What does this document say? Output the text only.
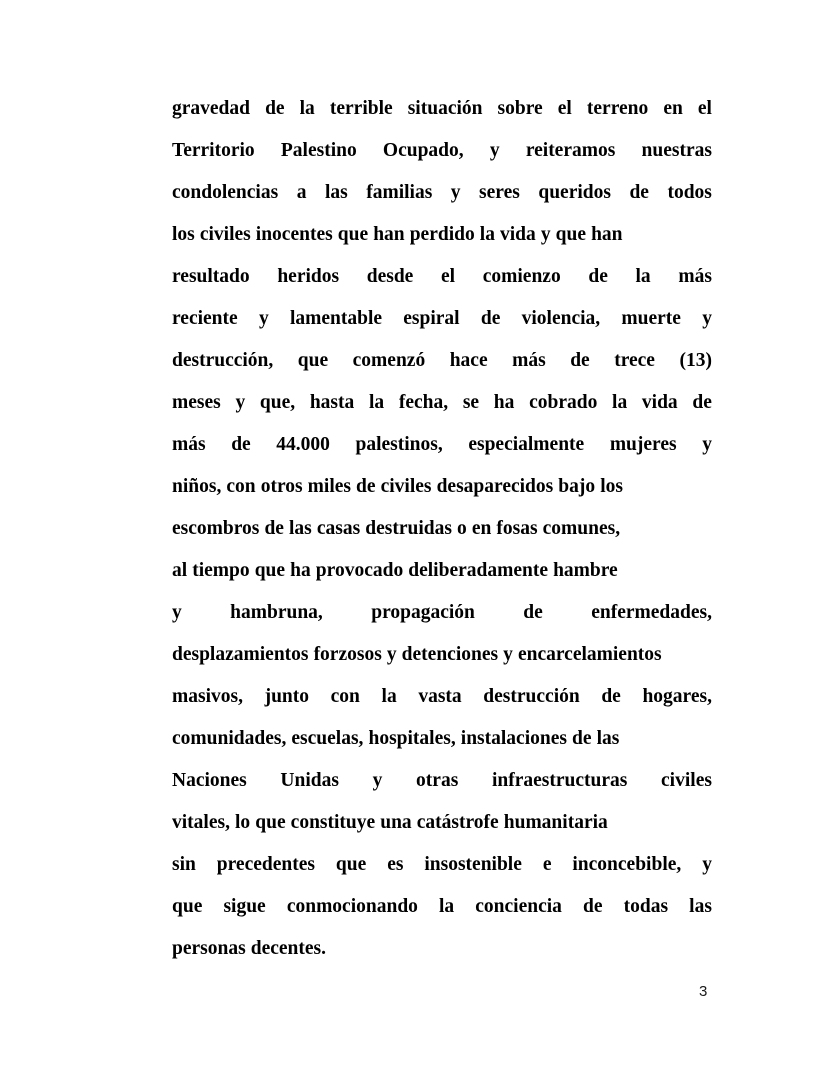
gravedad de la terrible situación sobre el terreno en el
Territorio Palestino Ocupado, y reiteramos nuestras
condolencias a las familias y seres queridos de todos
los civiles inocentes que han perdido la vida y que han
resultado heridos desde el comienzo de la más
reciente y lamentable espiral de violencia, muerte y
destrucción, que comenzó hace más de trece (13)
meses y que, hasta la fecha, se ha cobrado la vida de
más de 44.000 palestinos, especialmente mujeres y
niños, con otros miles de civiles desaparecidos bajo los
escombros de las casas destruidas o en fosas comunes,
al tiempo que ha provocado deliberadamente hambre
y hambruna, propagación de enfermedades,
desplazamientos forzosos y detenciones y encarcelamientos
masivos, junto con la vasta destrucción de hogares,
comunidades, escuelas, hospitales, instalaciones de las
Naciones Unidas y otras infraestructuras civiles
vitales, lo que constituye una catástrofe humanitaria
sin precedentes que es insostenible e inconcebible, y
que sigue conmocionando la conciencia de todas las
personas decentes.
3
